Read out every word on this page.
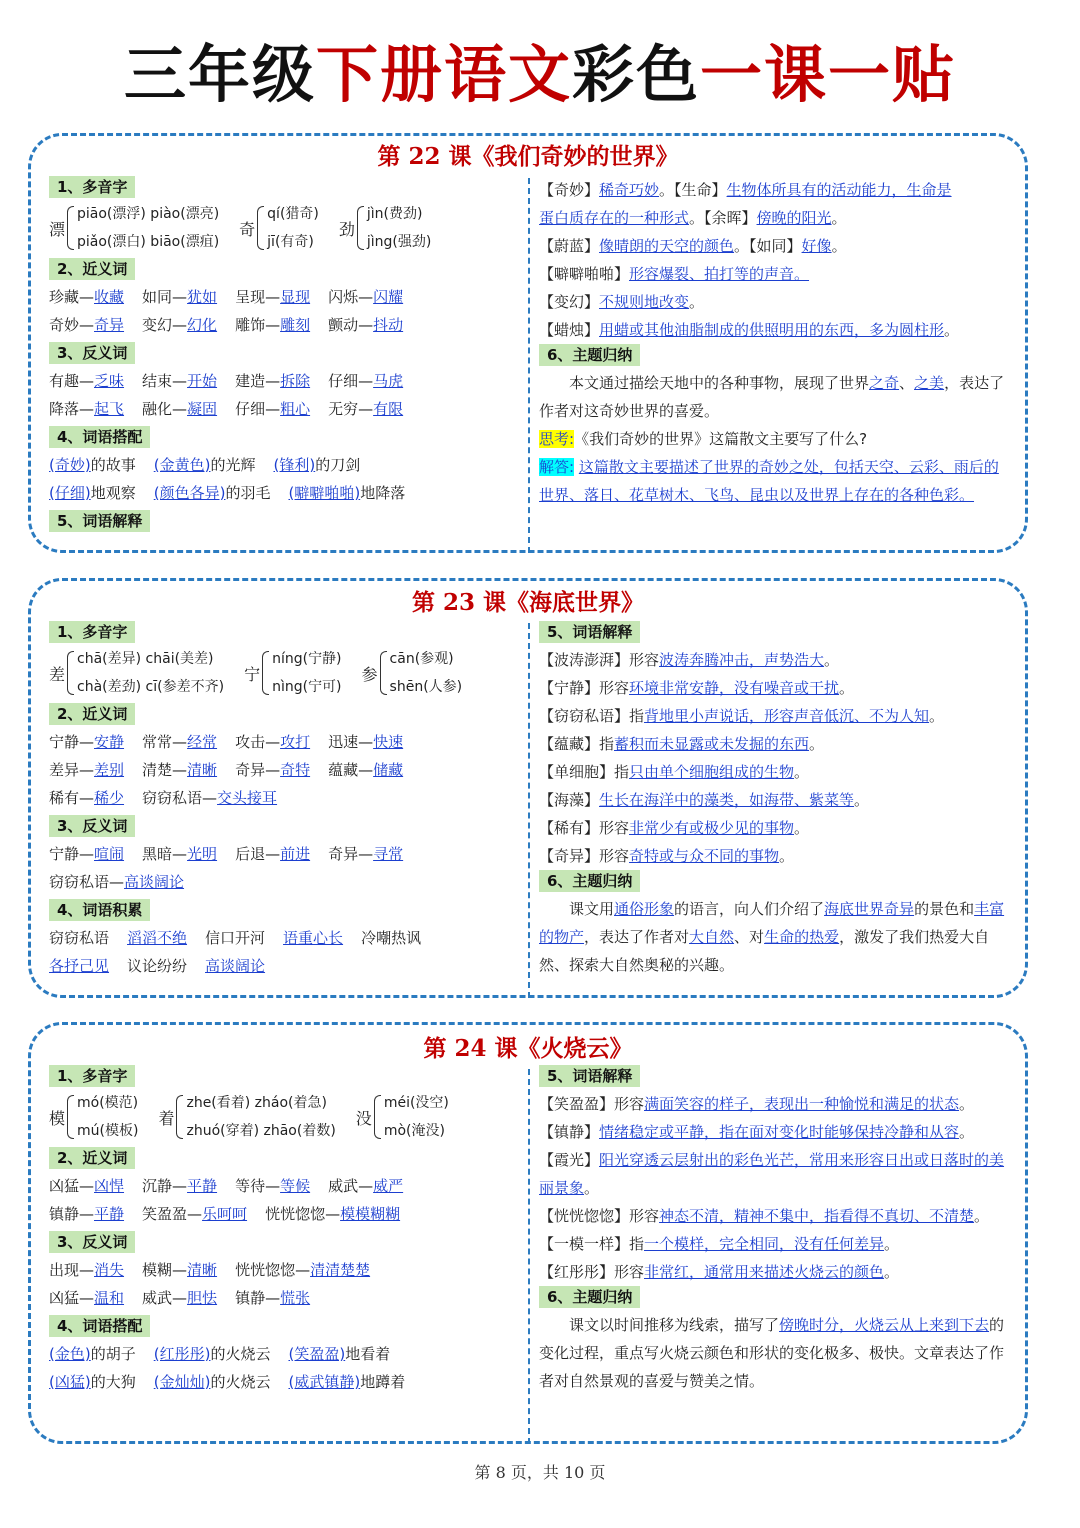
三年级下册语文彩色一课一贴
第 22 课《我们奇妙的世界》
1、多音字
漂
piāo(漂浮) piào(漂亮)
piǎo(漂白) biāo(漂疽)
奇
qí(猎奇)
jī(有奇)
劲
jìn(费劲)
jìng(强劲)
2、近义词
珍藏—收藏 如同—犹如 呈现—显现 闪烁—闪耀
奇妙—奇异 变幻—幻化 雕饰—雕刻 颤动—抖动
3、反义词
有趣—乏味 结束—开始 建造—拆除 仔细—马虎
降落—起飞 融化—凝固 仔细—粗心 无穷—有限
4、词语搭配
(奇妙)的故事 (金黄色)的光辉 (锋利)的刀剑
(仔细)地观察 (颜色各异)的羽毛 (噼噼啪啪)地降落
5、词语解释
【奇妙】稀奇巧妙。【生命】生物体所具有的活动能力，生命是
蛋白质存在的一种形式。【余晖】傍晚的阳光。
【蔚蓝】像晴朗的天空的颜色。【如同】好像。
【噼噼啪啪】形容爆裂、拍打等的声音。
【变幻】不规则地改变。
【蜡烛】用蜡或其他油脂制成的供照明用的东西，多为圆柱形。
6、主题归纳
本文通过描绘天地中的各种事物，展现了世界之奇、之美，表达了作者对这奇妙世界的喜爱。
思考:《我们奇妙的世界》这篇散文主要写了什么?
解答: 这篇散文主要描述了世界的奇妙之处，包括天空、云彩、雨后的世界、落日、花草树木、飞鸟、昆虫以及世界上存在的各种色彩。
第 23 课《海底世界》
1、多音字
差
chā(差异) chāi(美差)
chà(差劲) cī(参差不齐)
宁
níng(宁静)
nìng(宁可)
参
cān(参观)
shēn(人参)
2、近义词
宁静—安静 常常—经常 攻击—攻打 迅速—快速
差异—差别 清楚—清晰 奇异—奇特 蕴藏—储藏
稀有—稀少 窃窃私语—交头接耳
3、反义词
宁静—喧闹 黑暗—光明 后退—前进 奇异—寻常
窃窃私语—高谈阔论
4、词语积累
窃窃私语 滔滔不绝 信口开河 语重心长 冷嘲热讽
各抒己见 议论纷纷 高谈阔论
5、词语解释
【波涛澎湃】形容波涛奔腾冲击，声势浩大。
【宁静】形容环境非常安静，没有噪音或干扰。
【窃窃私语】指背地里小声说话，形容声音低沉、不为人知。
【蕴藏】指蓄积而未显露或未发掘的东西。
【单细胞】指只由单个细胞组成的生物。
【海藻】生长在海洋中的藻类，如海带、紫菜等。
【稀有】形容非常少有或极少见的事物。
【奇异】形容奇特或与众不同的事物。
6、主题归纳
课文用通俗形象的语言，向人们介绍了海底世界奇异的景色和丰富的物产，表达了作者对大自然、对生命的热爱，激发了我们热爱大自然、探索大自然奥秘的兴趣。
第 24 课《火烧云》
1、多音字
模
mó(模范)
mú(模板)
着
zhe(看着) zháo(着急)
zhuó(穿着) zhāo(着数)
没
méi(没空)
mò(淹没)
2、近义词
凶猛—凶悍 沉静—平静 等待—等候 威武—威严
镇静—平静 笑盈盈—乐呵呵 恍恍惚惚—模模糊糊
3、反义词
出现—消失 模糊—清晰 恍恍惚惚—清清楚楚
凶猛—温和 威武—胆怯 镇静—慌张
4、词语搭配
(金色)的胡子 (红彤彤)的火烧云 (笑盈盈)地看着
(凶猛)的大狗 (金灿灿)的火烧云 (威武镇静)地蹲着
5、词语解释
【笑盈盈】形容满面笑容的样子，表现出一种愉悦和满足的状态。
【镇静】情绪稳定或平静，指在面对变化时能够保持冷静和从容。
【霞光】阳光穿透云层射出的彩色光芒，常用来形容日出或日落时的美丽景象。
【恍恍惚惚】形容神态不清，精神不集中，指看得不真切、不清楚。
【一模一样】指一个模样，完全相同，没有任何差异。
【红彤彤】形容非常红，通常用来描述火烧云的颜色。
6、主题归纳
课文以时间推移为线索，描写了傍晚时分，火烧云从上来到下去的变化过程，重点写火烧云颜色和形状的变化极多、极快。文章表达了作者对自然景观的喜爱与赞美之情。
第 8 页，共 10 页
